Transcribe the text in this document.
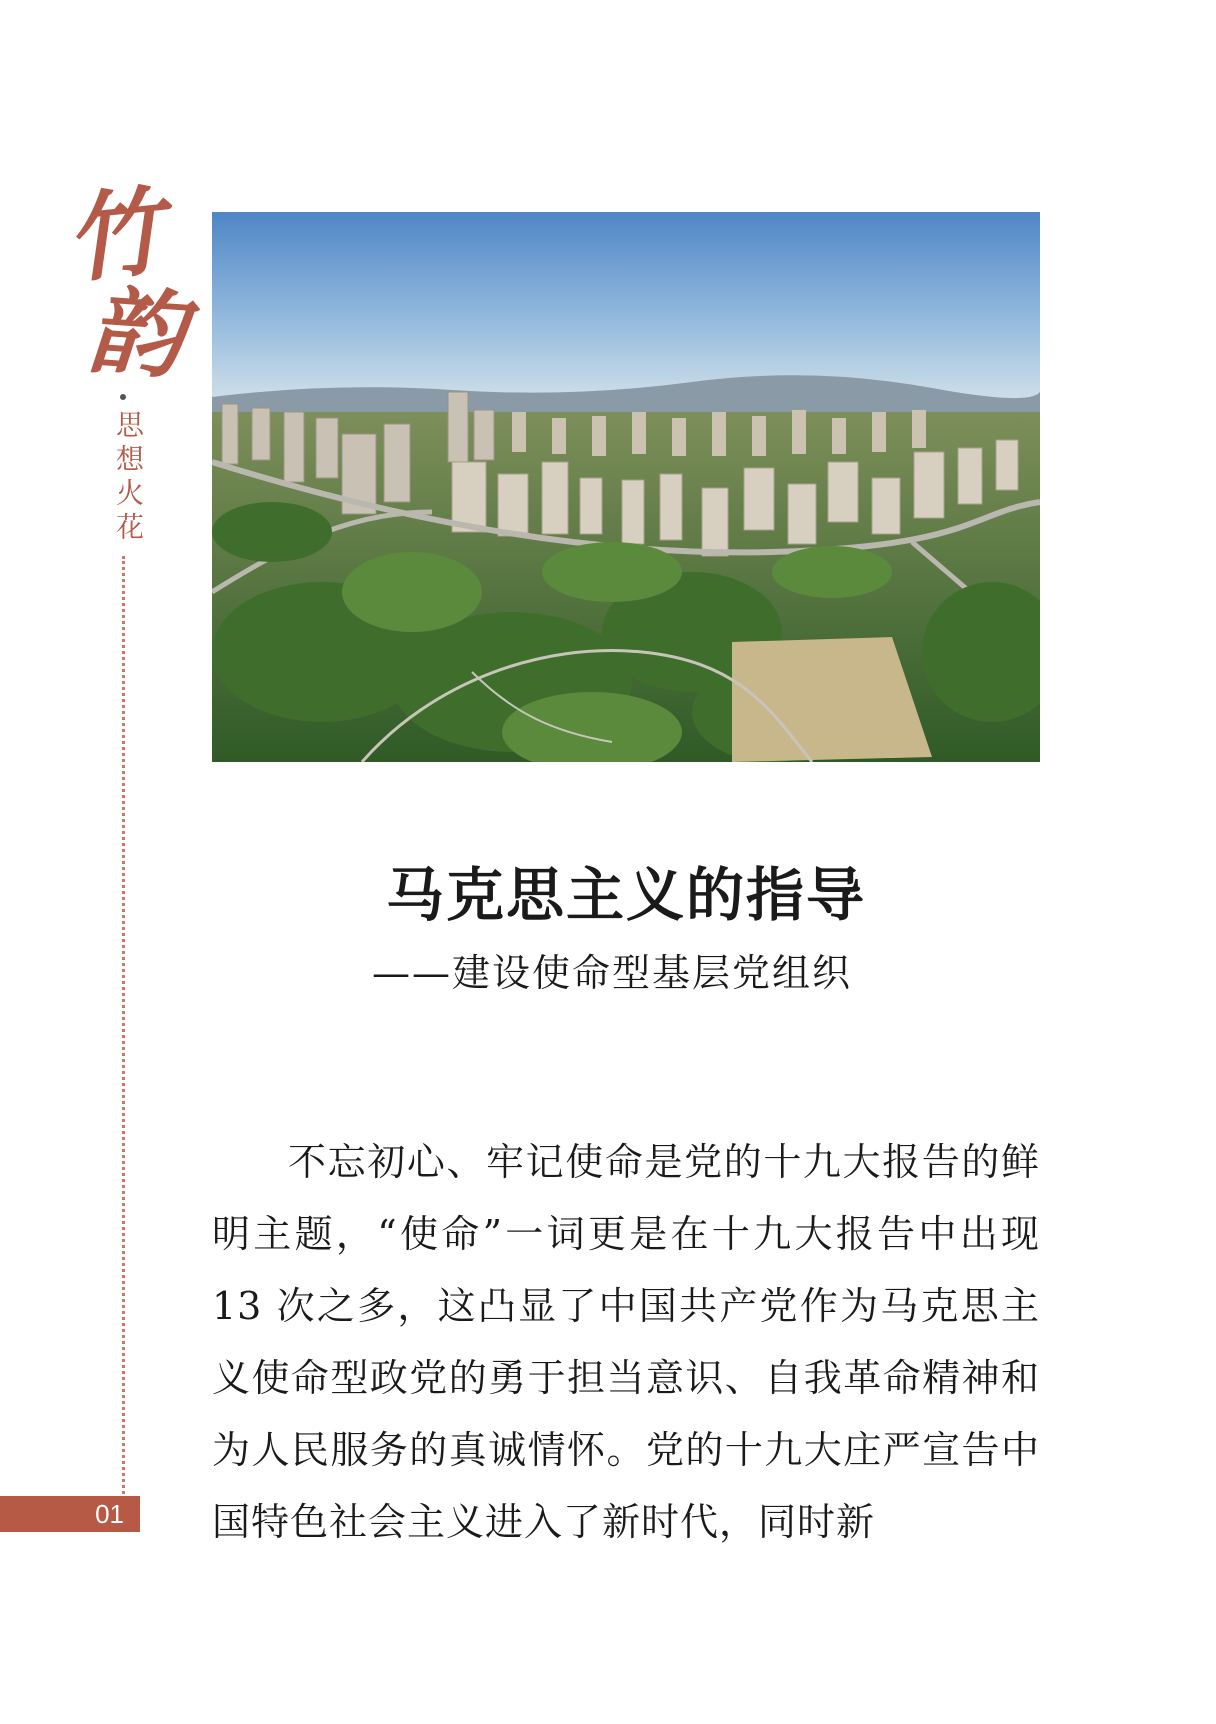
竹
韵
思想火花
01
马克思主义的指导
——建设使命型基层党组织

不忘初心、牢记使命是党的十九大报告的鲜明主题，“使命”一词更是在十九大报告中出现 13 次之多，这凸显了中国共产党作为马克思主义使命型政党的勇于担当意识、自我革命精神和为人民服务的真诚情怀。党的十九大庄严宣告中国特色社会主义进入了新时代，同时新
